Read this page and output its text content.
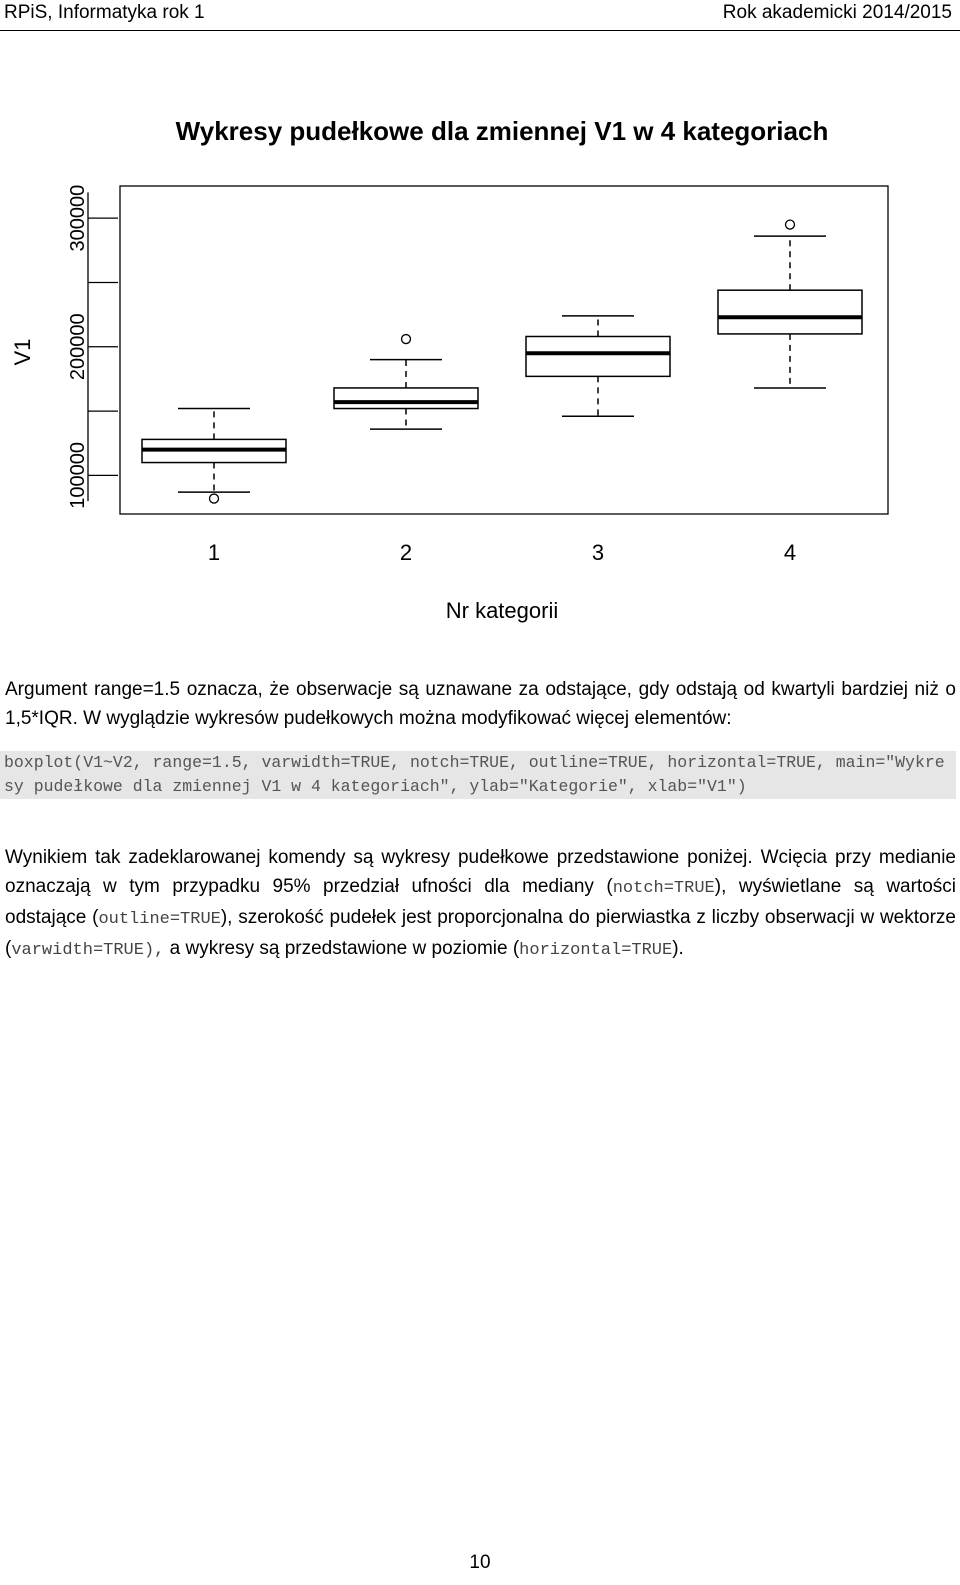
RPiS, Informatyka rok 1	Rok akademicki 2014/2015
Wykresy pudełkowe dla zmiennej V1 w 4 kategoriach
100000
200000
300000
V1
1	2	3	4
Nr kategorii

Argument range=1.5 oznacza, że obserwacje są uznawane za odstające, gdy odstają od kwartyli bardziej niż o 1,5*IQR. W wyglądzie wykresów pudełkowych można modyfikować więcej elementów:

boxplot(V1~V2, range=1.5, varwidth=TRUE, notch=TRUE, outline=TRUE, horizontal=TRUE, main="Wykresy pudełkowe dla zmiennej V1 w 4 kategoriach", ylab="Kategorie", xlab="V1")

Wynikiem tak zadeklarowanej komendy są wykresy pudełkowe przedstawione poniżej. Wcięcia przy medianie oznaczają w tym przypadku 95% przedział ufności dla mediany (notch=TRUE), wyświetlane są wartości odstające (outline=TRUE), szerokość pudełek jest proporcjonalna do pierwiastka z liczby obserwacji w wektorze (varwidth=TRUE), a wykresy są przedstawione w poziomie (horizontal=TRUE).

10
